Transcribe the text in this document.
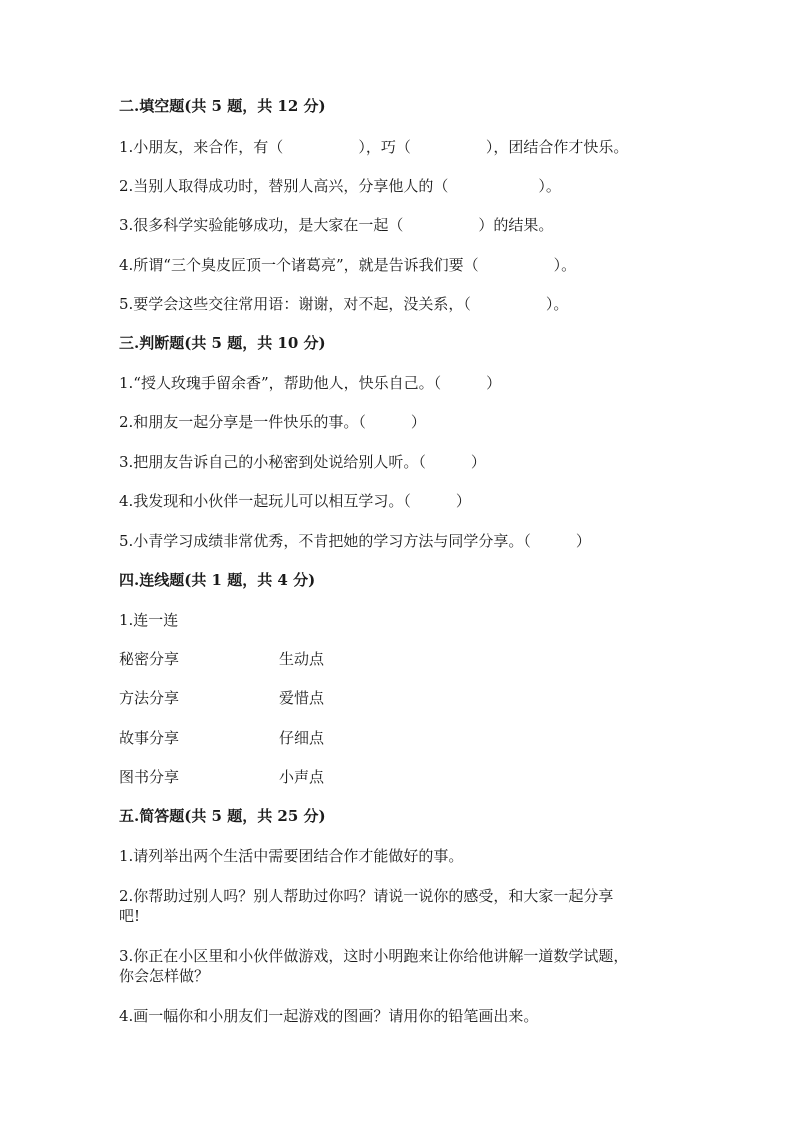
二.填空题(共 5 题，共 12 分)
1.小朋友，来合作，有（　　　　　），巧（　　　　　），团结合作才快乐。
2.当别人取得成功时，替别人高兴，分享他人的（　　　　　　）。
3.很多科学实验能够成功，是大家在一起（　　　　　）的结果。
4.所谓“三个臭皮匠顶一个诸葛亮”，就是告诉我们要（　　　　　）。
5.要学会这些交往常用语：谢谢，对不起，没关系，（　　　　　）。
三.判断题(共 5 题，共 10 分)
1.“授人玫瑰手留余香”，帮助他人，快乐自己。（　　　）
2.和朋友一起分享是一件快乐的事。（　　　）
3.把朋友告诉自己的小秘密到处说给别人听。（　　　）
4.我发现和小伙伴一起玩儿可以相互学习。（　　　）
5.小青学习成绩非常优秀，不肯把她的学习方法与同学分享。（　　　）
四.连线题(共 1 题，共 4 分)
1.连一连
秘密分享	生动点
方法分享	爱惜点
故事分享	仔细点
图书分享	小声点
五.简答题(共 5 题，共 25 分)
1.请列举出两个生活中需要团结合作才能做好的事。
2.你帮助过别人吗？别人帮助过你吗？请说一说你的感受，和大家一起分享
吧!
3.你正在小区里和小伙伴做游戏，这时小明跑来让你给他讲解一道数学试题，
你会怎样做？
4.画一幅你和小朋友们一起游戏的图画？请用你的铅笔画出来。
